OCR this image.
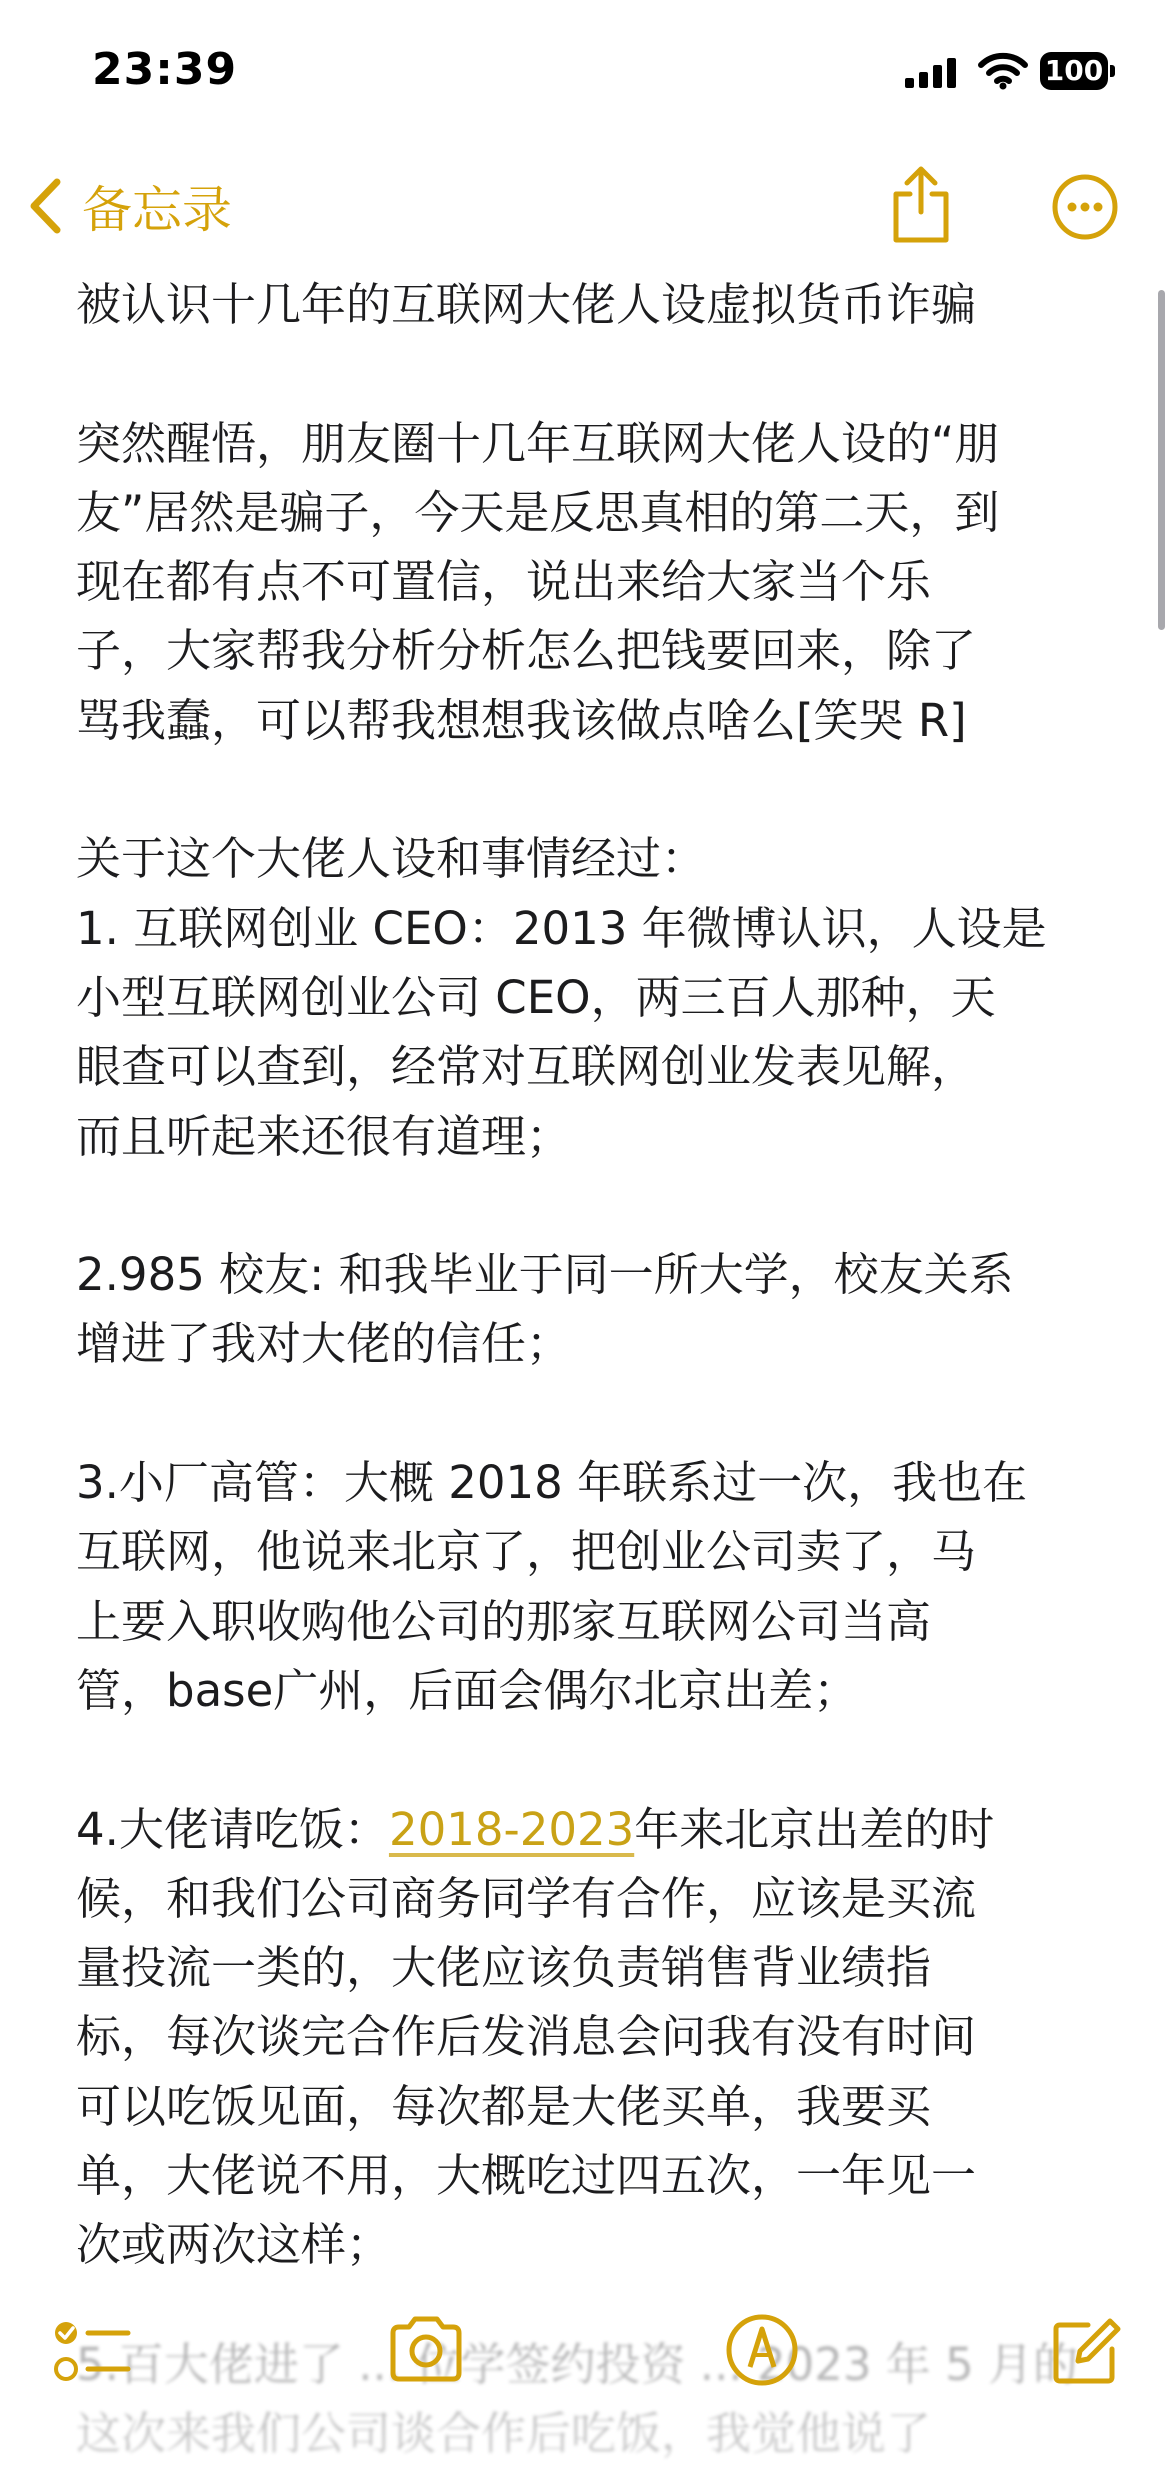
23:39	100
备忘录
被认识十几年的互联网大佬人设虚拟货币诈骗
突然醒悟，朋友圈十几年互联网大佬人设的“朋
友”居然是骗子，今天是反思真相的第二天，到
现在都有点不可置信，说出来给大家当个乐
子，大家帮我分析分析怎么把钱要回来，除了
骂我蠢，可以帮我想想我该做点啥么[笑哭 R]
关于这个大佬人设和事情经过：
1. 互联网创业 CEO：2013 年微博认识，人设是
小型互联网创业公司 CEO，两三百人那种，天
眼查可以查到，经常对互联网创业发表见解，
而且听起来还很有道理；
2.985 校友: 和我毕业于同一所大学，校友关系
增进了我对大佬的信任；
3.小厂高管：大概 2018 年联系过一次，我也在
互联网，他说来北京了，把创业公司卖了，马
上要入职收购他公司的那家互联网公司当高
管，base广州，后面会偶尔北京出差；
4.大佬请吃饭：2018-2023年来北京出差的时
候，和我们公司商务同学有合作，应该是买流
量投流一类的，大佬应该负责销售背业绩指
标，每次谈完合作后发消息会问我有没有时间
可以吃饭见面，每次都是大佬买单，我要买
单，大佬说不用，大概吃过四五次，一年见一
次或两次这样；
